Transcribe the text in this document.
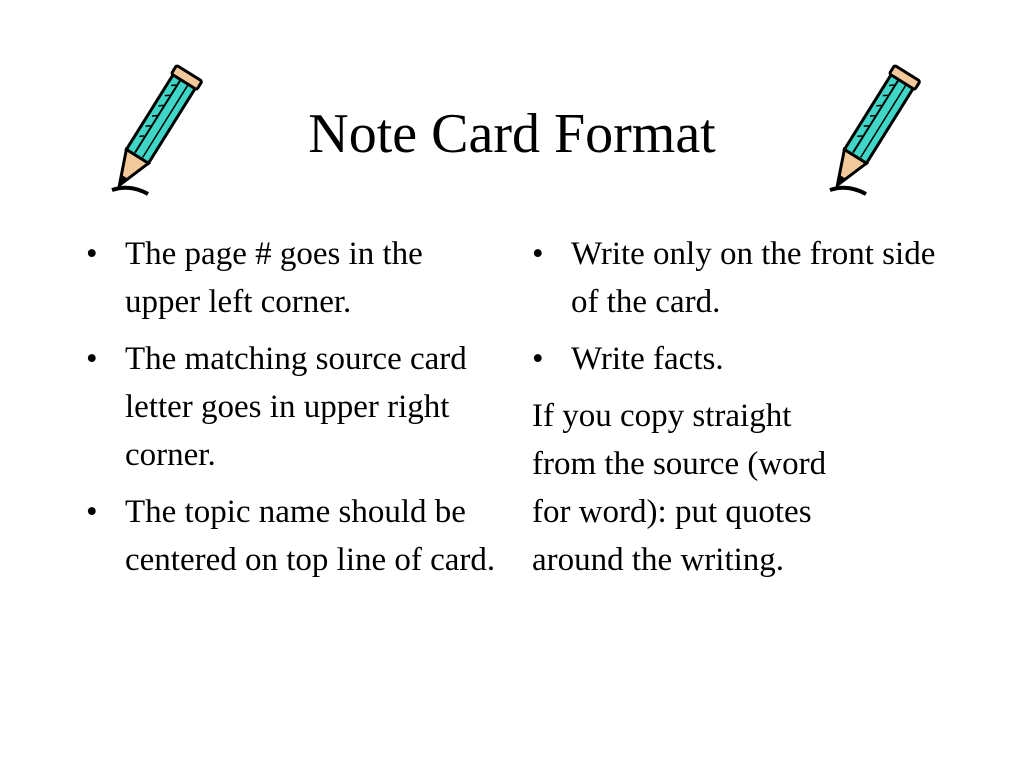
Note Card Format
• The page # goes in the upper left corner.
• The matching source card letter goes in upper right corner.
• The topic name should be centered on top line of card.
• Write only on the front side of the card.
• Write facts.

If you copy straight
from the source (word
for word): put quotes
around the writing.
